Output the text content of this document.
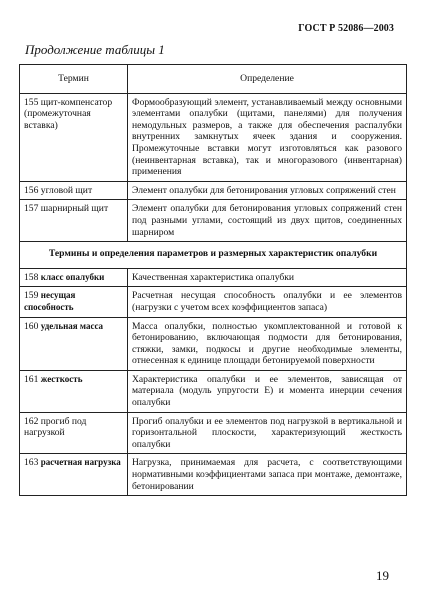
ГОСТ Р 52086—2003
Продолжение таблицы 1
Термин	Определение
155 щит-компенсатор (промежуточная вставка)	Формообразующий элемент, устанавливаемый между основными элементами опалубки (щитами, панелями) для получения немодульных размеров, а также для обеспечения распалубки внутренних замкнутых ячеек здания и сооружения. Промежуточные вставки могут изготовляться как разового (неинвентарная вставка), так и многоразового (инвентарная) применения
156 угловой щит	Элемент опалубки для бетонирования угловых сопряжений стен
157 шарнирный щит	Элемент опалубки для бетонирования угловых сопряжений стен под разными углами, состоящий из двух щитов, соединенных шарниром
Термины и определения параметров и размерных характеристик опалубки	
158 класс опалубки	Качественная характеристика опалубки
159 несущая способность	Расчетная несущая способность опалубки и ее элементов (нагрузки с учетом всех коэффициентов запаса)
160 удельная масса	Масса опалубки, полностью укомплектованной и готовой к бетонированию, включающая подмости для бетонирования, стяжки, замки, подкосы и другие необходимые элементы, отнесенная к единице площади бетонируемой поверхности
161 жесткость	Характеристика опалубки и ее элементов, зависящая от материала (модуль упругости Е) и момента инерции сечения опалубки
162 прогиб под нагрузкой	Прогиб опалубки и ее элементов под нагрузкой в вертикальной и горизонтальной плоскости, характеризующий жесткость опалубки
163 расчетная нагрузка	Нагрузка, принимаемая для расчета, с соответствующими нормативными коэффициентами запаса при монтаже, демонтаже, бетонировании
19
